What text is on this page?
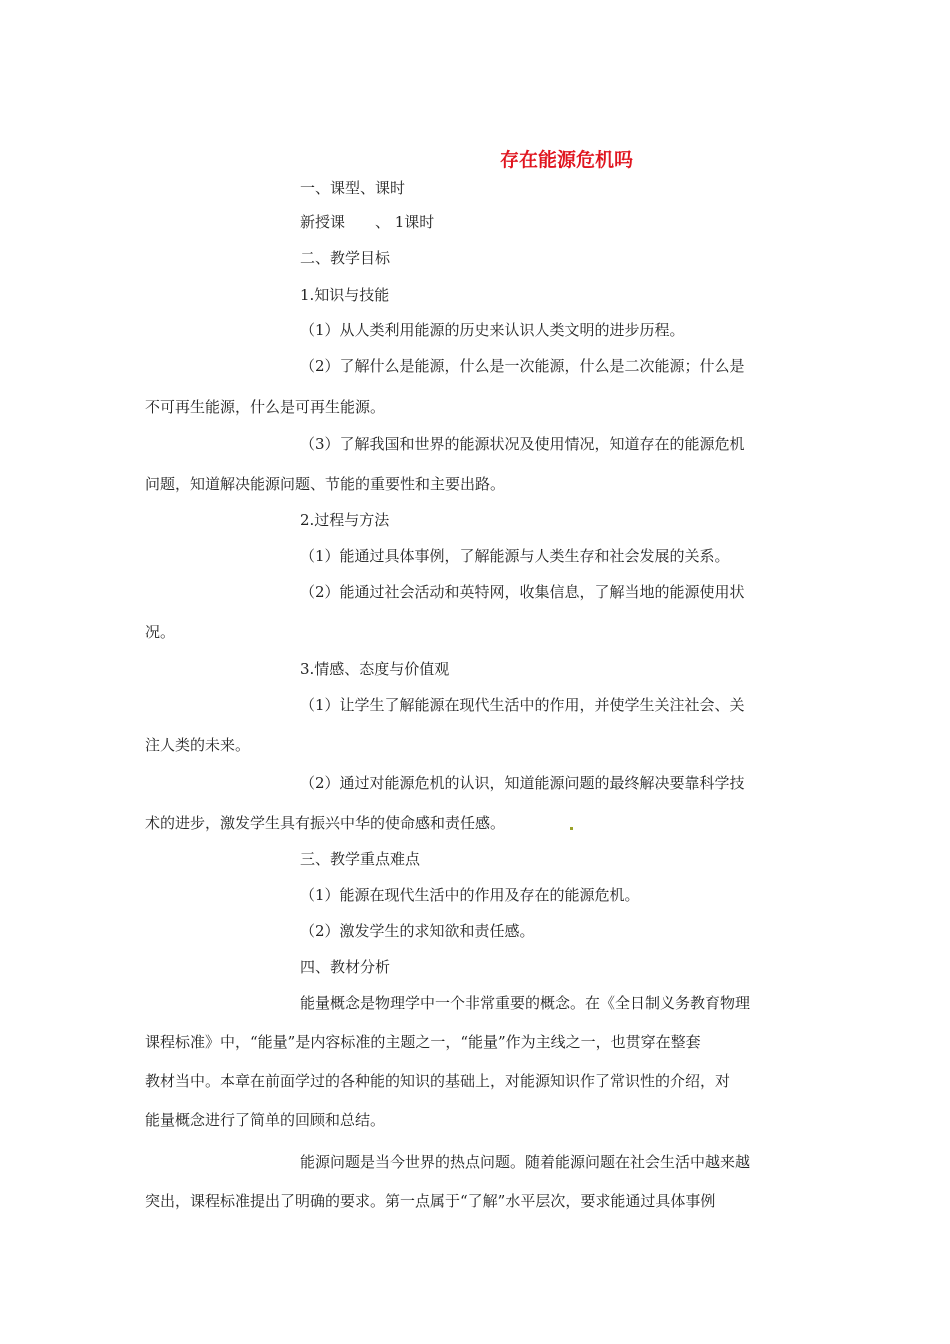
存在能源危机吗
一、课型、课时
新授课　　、 1课时
二、教学目标
1.知识与技能
（1）从人类利用能源的历史来认识人类文明的进步历程。
（2）了解什么是能源，什么是一次能源，什么是二次能源；什么是
不可再生能源，什么是可再生能源。
（3）了解我国和世界的能源状况及使用情况，知道存在的能源危机
问题，知道解决能源问题、节能的重要性和主要出路。
2.过程与方法
（1）能通过具体事例，了解能源与人类生存和社会发展的关系。
（2）能通过社会活动和英特网，收集信息，了解当地的能源使用状
况。
3.情感、态度与价值观
（1）让学生了解能源在现代生活中的作用，并使学生关注社会、关
注人类的未来。
（2）通过对能源危机的认识，知道能源问题的最终解决要靠科学技
术的进步，激发学生具有振兴中华的使命感和责任感。
三、教学重点难点
（1）能源在现代生活中的作用及存在的能源危机。
（2）激发学生的求知欲和责任感。
四、教材分析
能量概念是物理学中一个非常重要的概念。在《全日制义务教育物理
课程标准》中，“能量”是内容标准的主题之一，“能量”作为主线之一，也贯穿在整套
教材当中。本章在前面学过的各种能的知识的基础上，对能源知识作了常识性的介绍，对
能量概念进行了简单的回顾和总结。
能源问题是当今世界的热点问题。随着能源问题在社会生活中越来越
突出，课程标准提出了明确的要求。第一点属于“了解”水平层次，要求能通过具体事例
